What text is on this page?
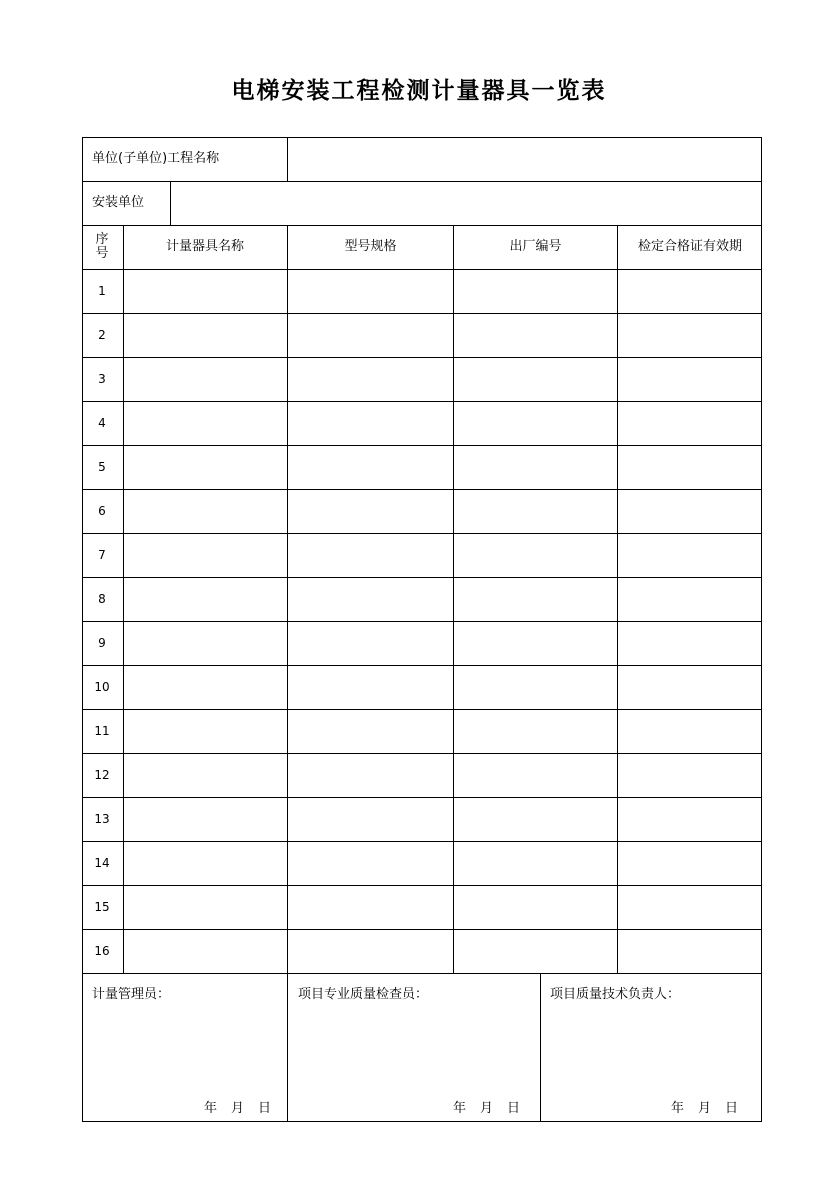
电梯安装工程检测计量器具一览表
单位(子单位)工程名称
安装单位
序
号	计量器具名称	型号规格	出厂编号	检定合格证有效期
1
2
3
4
5
6
7
8
9
10
11
12
13
14
15
16
计量管理员：	项目专业质量检查员：	项目质量技术负责人：
年 月 日	年 月 日	年 月 日
